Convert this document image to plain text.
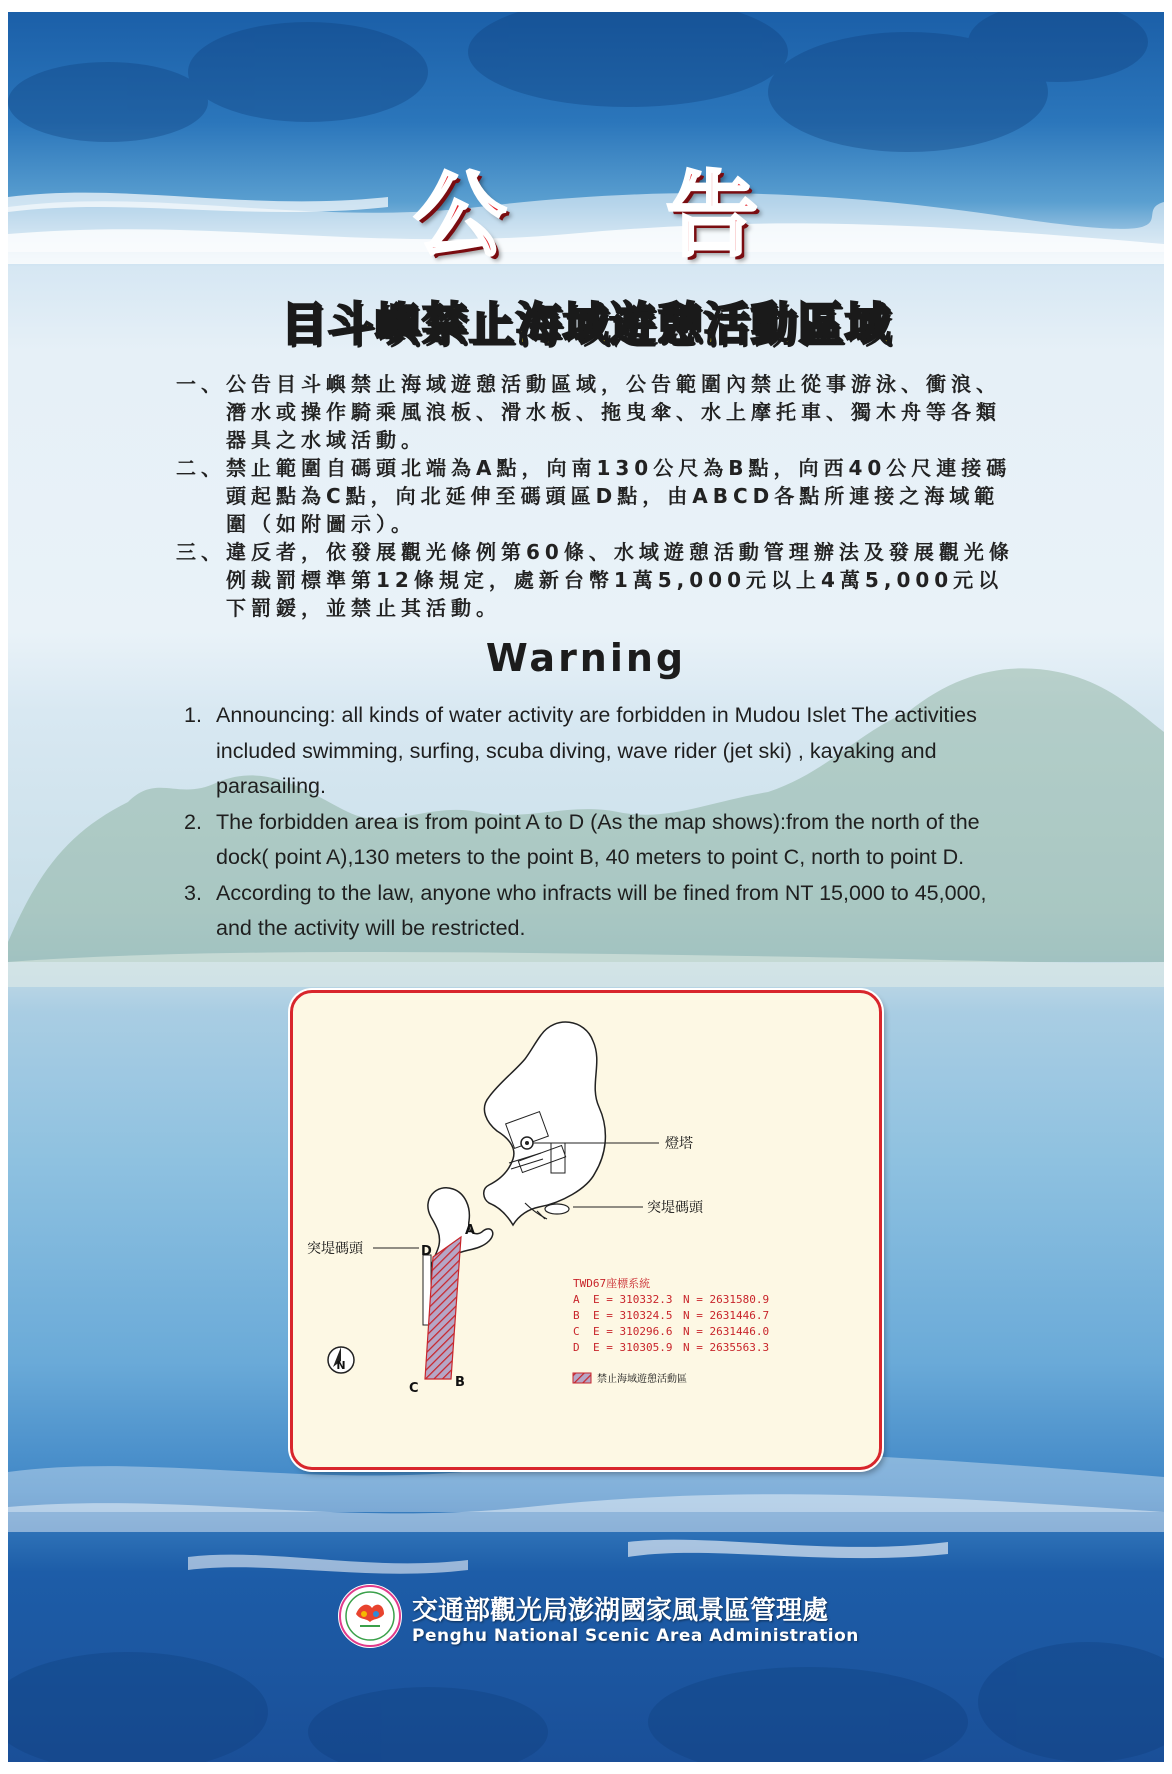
公告
目斗嶼禁止海域遊憩活動區域
一、 公告目斗嶼禁止海域遊憩活動區域，公告範圍內禁止從事游泳、衝浪、潛水或操作騎乘風浪板、滑水板、拖曳傘、水上摩托車、獨木舟等各類器具之水域活動。
二、 禁止範圍自碼頭北端為A點，向南130公尺為B點，向西40公尺連接碼頭起點為C點，向北延伸至碼頭區D點，由ABCD各點所連接之海域範圍（如附圖示）。
三、 違反者，依發展觀光條例第60條、水域遊憩活動管理辦法及發展觀光條例裁罰標準第12條規定，處新台幣1萬5,000元以上4萬5,000元以下罰鍰，並禁止其活動。
Warning
1. Announcing: all kinds of water activity are forbidden in Mudou Islet The activities included swimming, surfing, scuba diving, wave rider (jet ski) , kayaking and parasailing.
2. The forbidden area is from point A to D (As the map shows):from the north of the dock( point A),130 meters to the point B, 40 meters to point C, north to point D.
3. According to the law, anyone who infracts will be fined from NT 15,000 to 45,000, and the activity will be restricted.
燈塔
突堤碼頭
突堤碼頭
A
D
C	B
N
TWD67座標系統
A E = 310332.3 N = 2631580.9
B E = 310324.5 N = 2631446.7
C E = 310296.6 N = 2631446.0
D E = 310305.9 N = 2635563.3
禁止海域遊憩活動區
交通部觀光局澎湖國家風景區管理處
Penghu National Scenic Area Administration
